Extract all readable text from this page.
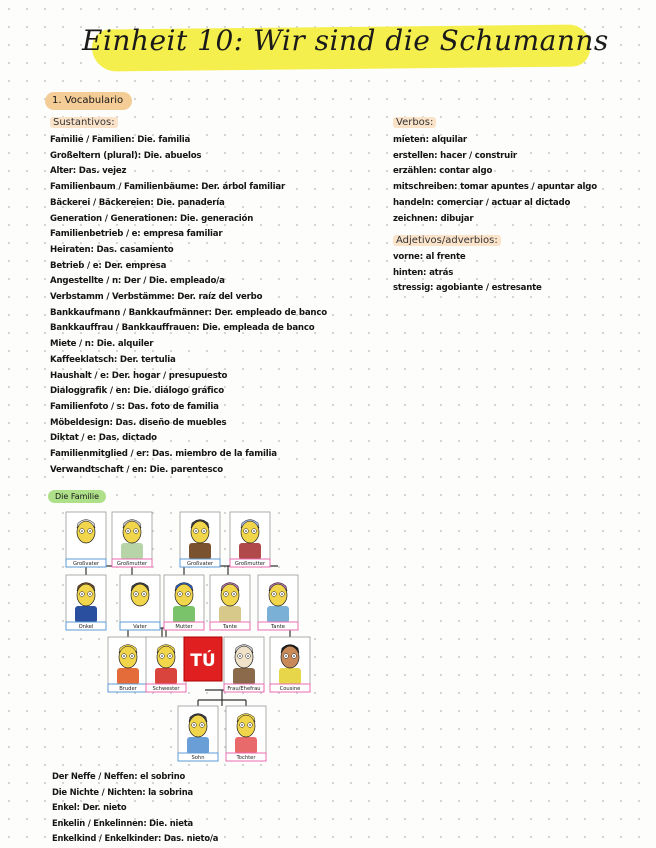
Einheit 10: Wir sind die Schumanns
1. Vocabulario
Sustantivos:
Familie / Familien: Die. familia
Großeltern (plural): Die. abuelos
Alter: Das. vejez
Familienbaum / Familienbäume: Der. árbol familiar
Bäckerei / Bäckereien: Die. panadería
Generation / Generationen: Die. generación
Familienbetrieb / e: empresa familiar
Heiraten: Das. casamiento
Betrieb / e: Der. empresa
Angestellte / n: Der / Die. empleado/a
Verbstamm / Verbstämme: Der. raíz del verbo
Bankkaufmann / Bankkaufmänner: Der. empleado de banco
Bankkauffrau / Bankkauffrauen: Die. empleada de banco
Miete / n: Die. alquiler
Kaffeeklatsch: Der. tertulia
Haushalt / e: Der. hogar / presupuesto
Dialoggrafik / en: Die. diálogo gráfico
Familienfoto / s: Das. foto de familia
Möbeldesign: Das. diseño de muebles
Diktat / e: Das. dictado
Familienmitglied / er: Das. miembro de la familia
Verwandtschaft / en: Die. parentesco
Verbos:
mieten: alquilar
erstellen: hacer / construir
erzählen: contar algo
mitschreiben: tomar apuntes / apuntar algo
handeln: comerciar / actuar al dictado
zeichnen: dibujar
Adjetivos/adverbios:
vorne: al frente
hinten: atrás
stressig: agobiante / estresante
Die Familie
Großvater	Großmutter	Großvater	Großmutter
Onkel	Vater	Mutter	Tante	Tante
Bruder	Schwester	Frau/Ehefrau	Cousine
Sohn	Tochter
TÚ
Der Neffe / Neffen: el sobrino
Die Nichte / Nichten: la sobrina
Enkel: Der. nieto
Enkelin / Enkelinnen: Die. nieta
Enkelkind / Enkelkinder: Das. nieto/a
